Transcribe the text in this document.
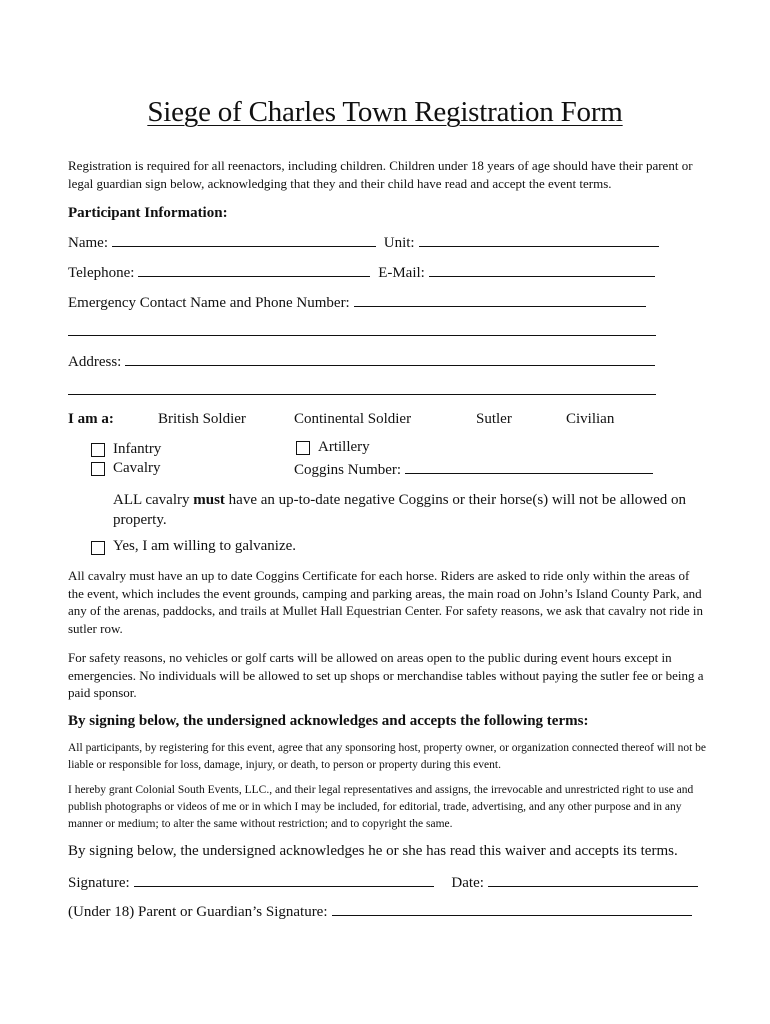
Siege of Charles Town Registration Form
Registration is required for all reenactors, including children. Children under 18 years of age should have their parent or legal guardian sign below, acknowledging that they and their child have read and accept the event terms.
Participant Information:
Name:	Unit:
Telephone:	E-Mail:
Emergency Contact Name and Phone Number:
Address:
I am a:	British Soldier	Continental Soldier	Sutler	Civilian
Infantry
Cavalry
Artillery
Coggins Number:
ALL cavalry must have an up-to-date negative Coggins or their horse(s) will not be allowed on property.
Yes, I am willing to galvanize.
All cavalry must have an up to date Coggins Certificate for each horse. Riders are asked to ride only within the areas of the event, which includes the event grounds, camping and parking areas, the main road on John’s Island County Park, and any of the arenas, paddocks, and trails at Mullet Hall Equestrian Center. For safety reasons, we ask that cavalry not ride in sutler row.
For safety reasons, no vehicles or golf carts will be allowed on areas open to the public during event hours except in emergencies. No individuals will be allowed to set up shops or merchandise tables without paying the sutler fee or being a paid sponsor.
By signing below, the undersigned acknowledges and accepts the following terms:
All participants, by registering for this event, agree that any sponsoring host, property owner, or organization connected thereof will not be liable or responsible for loss, damage, injury, or death, to person or property during this event.
I hereby grant Colonial South Events, LLC., and their legal representatives and assigns, the irrevocable and unrestricted right to use and publish photographs or videos of me or in which I may be included, for editorial, trade, advertising, and any other purpose and in any manner or medium; to alter the same without restriction; and to copyright the same.
By signing below, the undersigned acknowledges he or she has read this waiver and accepts its terms.
Signature:	Date:
(Under 18) Parent or Guardian’s Signature:
